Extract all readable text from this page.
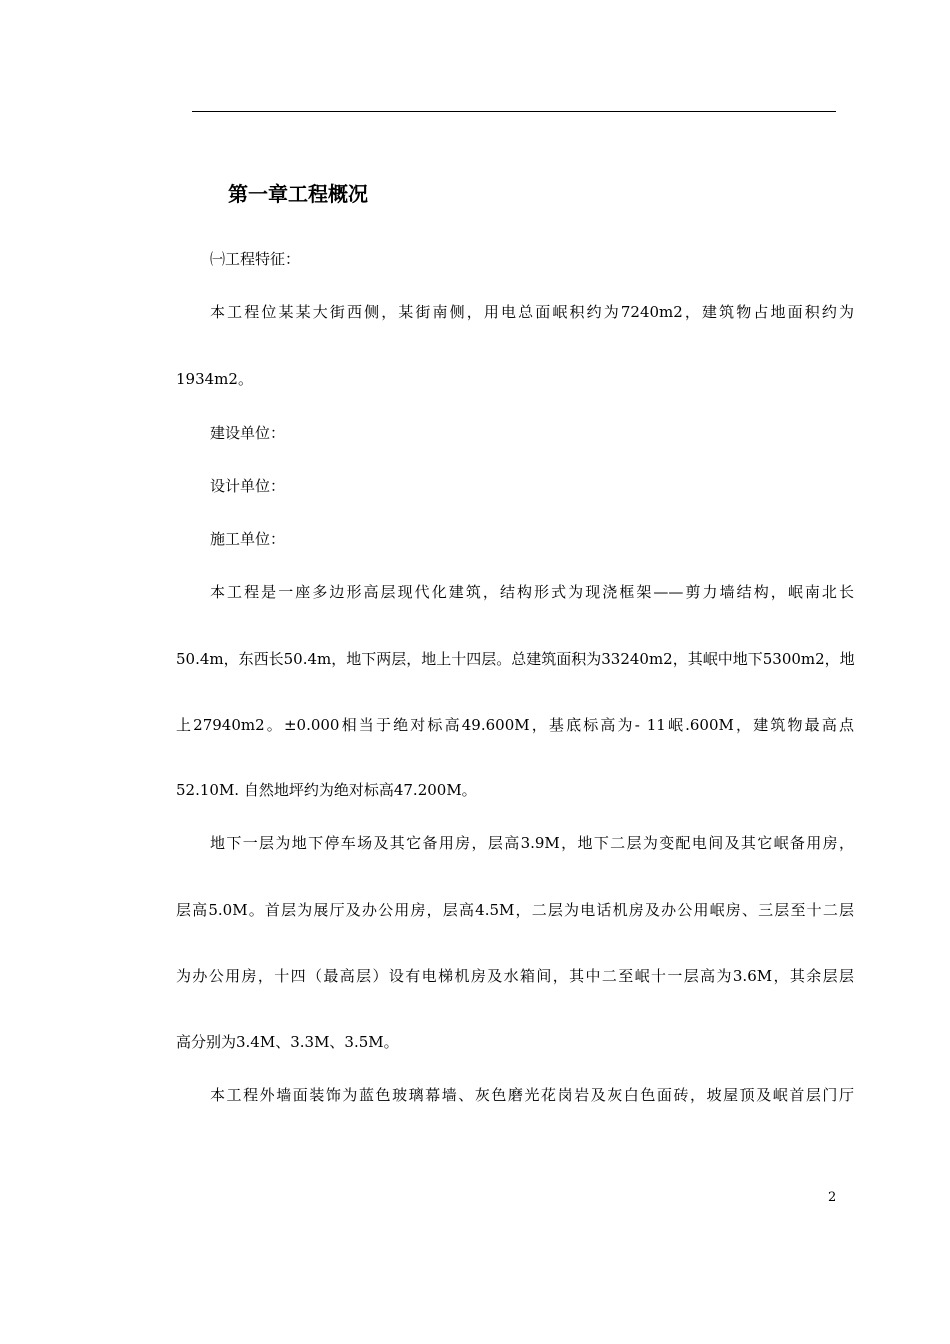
第一章工程概况
㈠工程特征：
本工程位某某大街西侧，某街南侧，用电总面岷积约为7240m2，建筑物占地面积约为
1934m2。
建设单位：
设计单位：
施工单位：
本工程是一座多边形高层现代化建筑，结构形式为现浇框架——剪力墙结构，岷南北长
50.4m，东西长50.4m，地下两层，地上十四层。总建筑面积为33240m2，其岷中地下5300m2，地
上27940m2。±0.000相当于绝对标高49.600M，基底标高为- 11岷.600M，建筑物最高点
52.10M. 自然地坪约为绝对标高47.200M。
地下一层为地下停车场及其它备用房，层高3.9M，地下二层为变配电间及其它岷备用房，
层高5.0M。首层为展厅及办公用房，层高4.5M，二层为电话机房及办公用岷房、三层至十二层
为办公用房，十四（最高层）设有电梯机房及水箱间，其中二至岷十一层高为3.6M，其余层层
高分别为3.4M、3.3M、3.5M。
本工程外墙面装饰为蓝色玻璃幕墙、灰色磨光花岗岩及灰白色面砖，坡屋顶及岷首层门厅
2
